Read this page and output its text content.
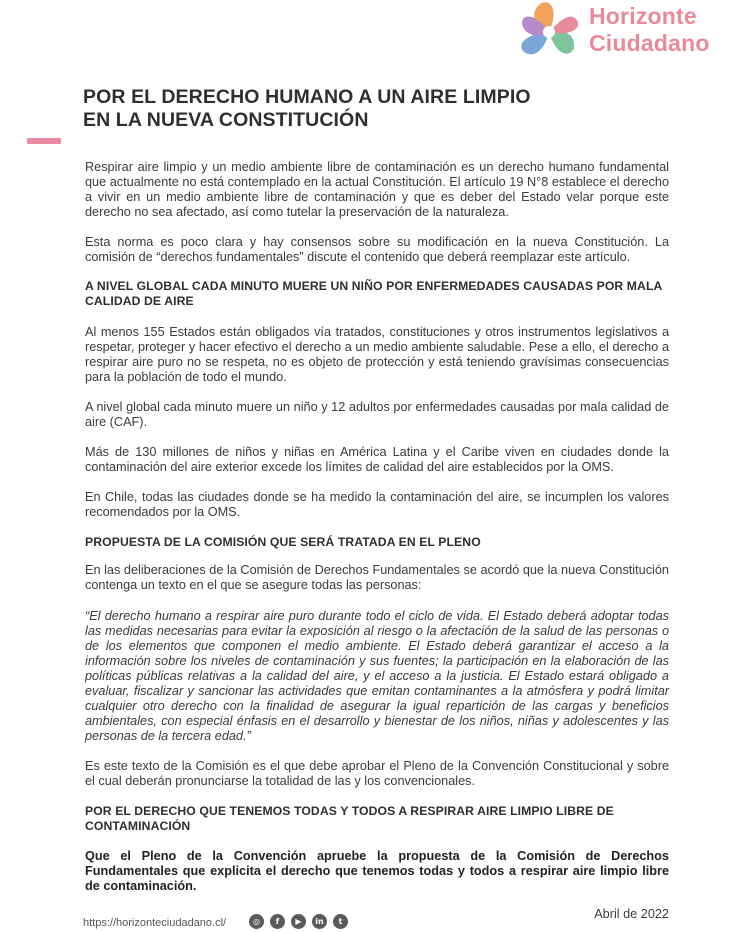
Horizonte
Ciudadano
POR EL DERECHO HUMANO A UN AIRE LIMPIO
EN LA NUEVA CONSTITUCIÓN

Respirar aire limpio y un medio ambiente libre de contaminación es un derecho humano fundamental que actualmente no está contemplado en la actual Constitución. El artículo 19 N°8 establece el derecho a vivir en un medio ambiente libre de contaminación y que es deber del Estado velar porque este derecho no sea afectado, así como tutelar la preservación de la naturaleza.

Esta norma es poco clara y hay consensos sobre su modificación en la nueva Constitución. La comisión de “derechos fundamentales” discute el contenido que deberá reemplazar este artículo.

A NIVEL GLOBAL CADA MINUTO MUERE UN NIÑO POR ENFERMEDADES CAUSADAS POR MALA CALIDAD DE AIRE

Al menos 155 Estados están obligados vía tratados, constituciones y otros instrumentos legislativos a respetar, proteger y hacer efectivo el derecho a un medio ambiente saludable. Pese a ello, el derecho a respirar aire puro no se respeta, no es objeto de protección y está teniendo gravísimas consecuencias para la población de todo el mundo.

A nivel global cada minuto muere un niño y 12 adultos por enfermedades causadas por mala calidad de aire (CAF).

Más de 130 millones de niños y niñas en América Latina y el Caribe viven en ciudades donde la contaminación del aire exterior excede los límites de calidad del aire establecidos por la OMS.

En Chile, todas las ciudades donde se ha medido la contaminación del aire, se incumplen los valores recomendados por la OMS.

PROPUESTA DE LA COMISIÓN QUE SERÁ TRATADA EN EL PLENO

En las deliberaciones de la Comisión de Derechos Fundamentales se acordó que la nueva Constitución contenga un texto en el que se asegure todas las personas:

“El derecho humano a respirar aire puro durante todo el ciclo de vida. El Estado deberá adoptar todas las medidas necesarias para evitar la exposición al riesgo o la afectación de la salud de las personas o de los elementos que componen el medio ambiente. El Estado deberá garantizar el acceso a la información sobre los niveles de contaminación y sus fuentes; la participación en la elaboración de las políticas públicas relativas a la calidad del aire, y el acceso a la justicia. El Estado estará obligado a evaluar, fiscalizar y sancionar las actividades que emitan contaminantes a la atmósfera y podrá limitar cualquier otro derecho con la finalidad de asegurar la igual repartición de las cargas y beneficios ambientales, con especial énfasis en el desarrollo y bienestar de los niños, niñas y adolescentes y las personas de la tercera edad.”

Es este texto de la Comisión es el que debe aprobar el Pleno de la Convención Constitucional y sobre el cual deberán pronunciarse la totalidad de las y los convencionales.

POR EL DERECHO QUE TENEMOS TODAS Y TODOS A RESPIRAR AIRE LIMPIO LIBRE DE CONTAMINACIÓN

Que el Pleno de la Convención apruebe la propuesta de la Comisión de Derechos Fundamentales que explicita el derecho que tenemos todas y todos a respirar aire limpio libre de contaminación.

Abril de 2022

https://horizonteciudadano.cl/	◎	f	▶	in	t
